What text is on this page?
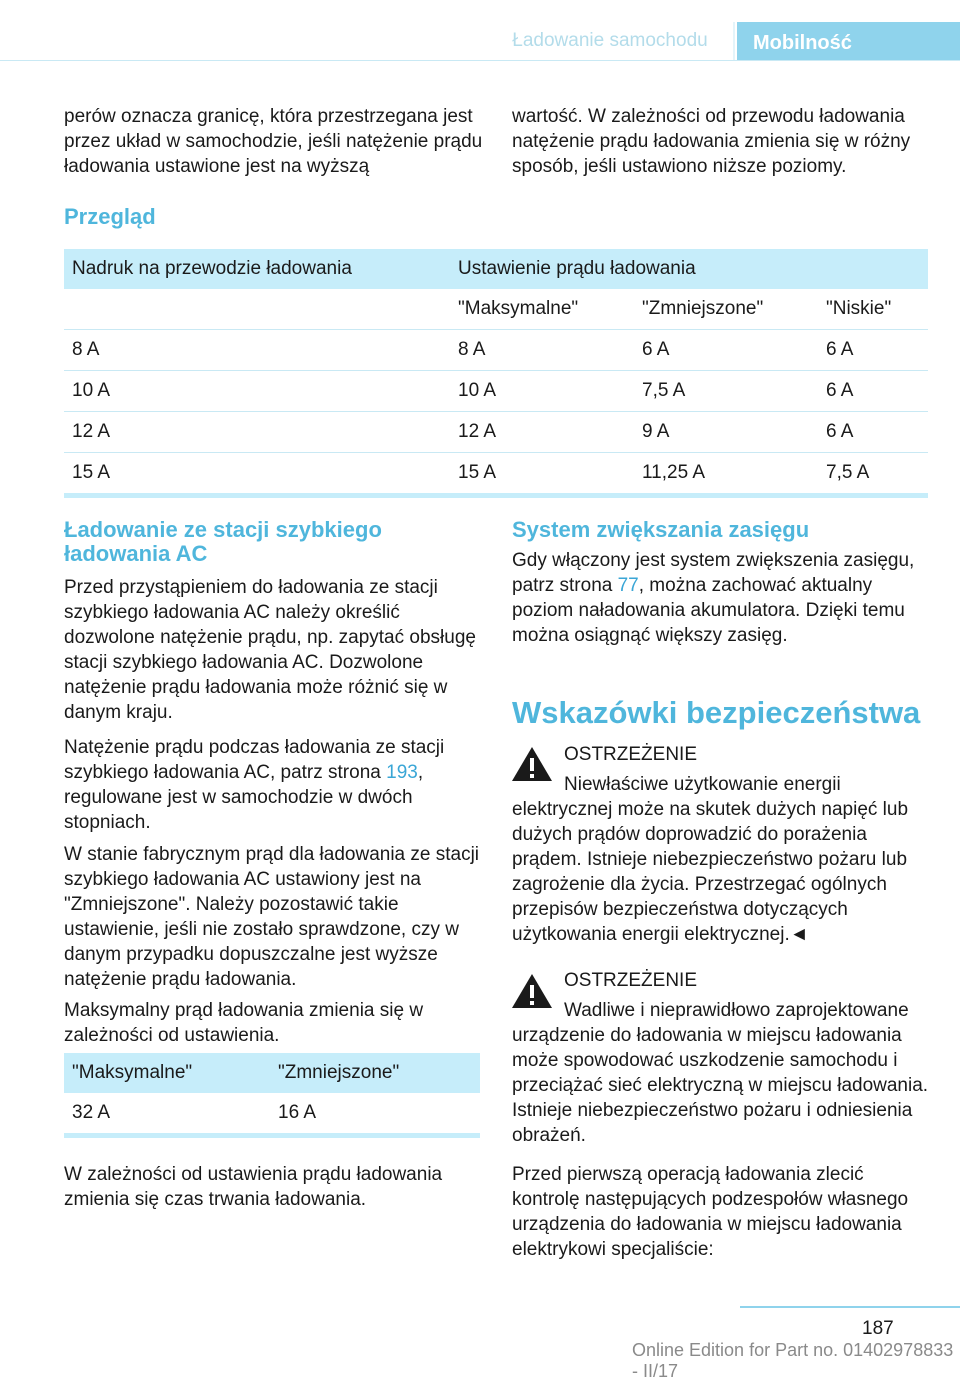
Ładowanie samochodu	Mobilność

perów oznacza granicę, która przestrzegana jest przez układ w samochodzie, jeśli natężenie prądu ładowania ustawione jest na wyższą

wartość. W zależności od przewodu ładowania natężenie prądu ładowania zmienia się w różny sposób, jeśli ustawiono niższe poziomy.

Przegląd
Nadruk na przewodzie ładowania	Ustawienie prądu ładowania		
	"Maksymalne"	"Zmniejszone"	"Niskie"
8 A	8 A	6 A	6 A
10 A	10 A	7,5 A	6 A
12 A	12 A	9 A	6 A
15 A	15 A	11,25 A	7,5 A
Ładowanie ze stacji szybkiego ładowania AC

Przed przystąpieniem do ładowania ze stacji szybkiego ładowania AC należy określić dozwolone natężenie prądu, np. zapytać obsługę stacji szybkiego ładowania AC. Dozwolone natężenie prądu ładowania może różnić się w danym kraju.

Natężenie prądu podczas ładowania ze stacji szybkiego ładowania AC, patrz strona 193, regulowane jest w samochodzie w dwóch stopniach.

W stanie fabrycznym prąd dla ładowania ze stacji szybkiego ładowania AC ustawiony jest na "Zmniejszone". Należy pozostawić takie ustawienie, jeśli nie zostało sprawdzone, czy w danym przypadku dopuszczalne jest wyższe natężenie prądu ładowania.

Maksymalny prąd ładowania zmienia się w zależności od ustawienia.

"Maksymalne"	"Zmniejszone"
32 A	16 A

W zależności od ustawienia prądu ładowania zmienia się czas trwania ładowania.

System zwiększania zasięgu

Gdy włączony jest system zwiększenia zasięgu, patrz strona 77, można zachować aktualny poziom naładowania akumulatora. Dzięki temu można osiągnąć większy zasięg.

Wskazówki bezpieczeństwa
OSTRZEŻENIE

Niewłaściwe użytkowanie energii elektrycznej może na skutek dużych napięć lub dużych prądów doprowadzić do porażenia prądem. Istnieje niebezpieczeństwo pożaru lub zagrożenie dla życia. Przestrzegać ogólnych przepisów bezpieczeństwa dotyczących użytkowania energii elektrycznej.◄

OSTRZEŻENIE

Wadliwe i nieprawidłowo zaprojektowane urządzenie do ładowania w miejscu ładowania może spowodować uszkodzenie samochodu i przeciążać sieć elektryczną w miejscu ładowania. Istnieje niebezpieczeństwo pożaru i odniesienia obrażeń.

Przed pierwszą operacją ładowania zlecić kontrolę następujących podzespołów własnego urządzenia do ładowania w miejscu ładowania elektrykowi specjaliście:

187
Online Edition for Part no. 01402978833 - II/17
